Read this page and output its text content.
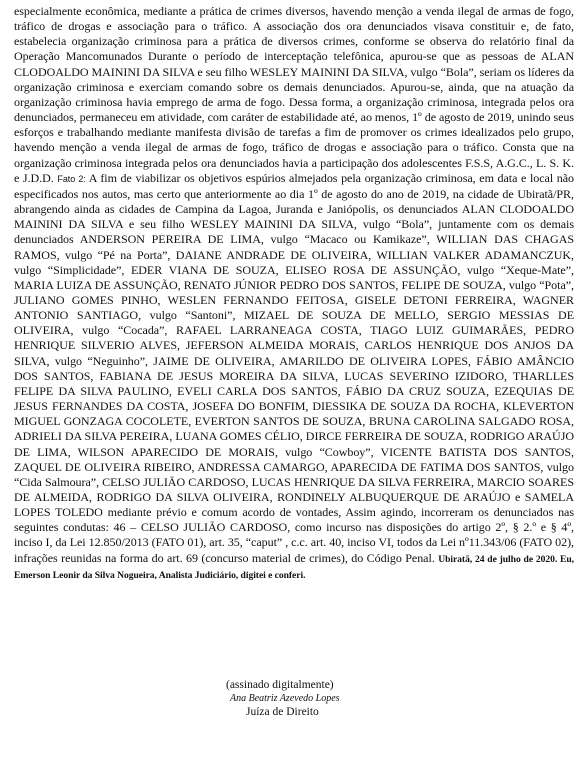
especialmente econômica, mediante a prática de crimes diversos, havendo menção a venda ilegal de armas de fogo, tráfico de drogas e associação para o tráfico. A associação dos ora denunciados visava constituir e, de fato, estabelecia organização criminosa para a prática de diversos crimes, conforme se observa do relatório final da Operação Mancomunados Durante o período de interceptação telefônica, apurou-se que as pessoas de ALAN CLODOALDO MAININI DA SILVA e seu filho WESLEY MAININI DA SILVA, vulgo “Bola”, seriam os líderes da organização criminosa e exerciam comando sobre os demais denunciados. Apurou-se, ainda, que na atuação da organização criminosa havia emprego de arma de fogo. Dessa forma, a organização criminosa, integrada pelos ora denunciados, permaneceu em atividade, com caráter de estabilidade até, ao menos, 1º de agosto de 2019, unindo seus esforços e trabalhando mediante manifesta divisão de tarefas a fim de promover os crimes idealizados pelo grupo, havendo menção a venda ilegal de armas de fogo, tráfico de drogas e associação para o tráfico. Consta que na organização criminosa integrada pelos ora denunciados havia a participação dos adolescentes F.S.S, A.G.C., L. S. K. e J.D.D. Fato 2: A fim de viabilizar os objetivos espúrios almejados pela organização criminosa, em data e local não especificados nos autos, mas certo que anteriormente ao dia 1º de agosto do ano de 2019, na cidade de Ubiratã/PR, abrangendo ainda as cidades de Campina da Lagoa, Juranda e Janiópolis, os denunciados ALAN CLODOALDO MAININI DA SILVA e seu filho WESLEY MAININI DA SILVA, vulgo “Bola”, juntamente com os demais denunciados ANDERSON PEREIRA DE LIMA, vulgo “Macaco ou Kamikaze”, WILLIAN DAS CHAGAS RAMOS, vulgo “Pé na Porta”, DAIANE ANDRADE DE OLIVEIRA, WILLIAN VALKER ADAMANCZUK, vulgo “Simplicidade”, EDER VIANA DE SOUZA, ELISEO ROSA DE ASSUNÇÃO, vulgo “Xeque-Mate”, MARIA LUIZA DE ASSUNÇÃO, RENATO JÚNIOR PEDRO DOS SANTOS, FELIPE DE SOUZA, vulgo “Pota”, JULIANO GOMES PINHO, WESLEN FERNANDO FEITOSA, GISELE DETONI FERREIRA, WAGNER ANTONIO SANTIAGO, vulgo “Santoni”, MIZAEL DE SOUZA DE MELLO, SERGIO MESSIAS DE OLIVEIRA, vulgo “Cocada”, RAFAEL LARRANEAGA COSTA, TIAGO LUIZ GUIMARÃES, PEDRO HENRIQUE SILVERIO ALVES, JEFERSON ALMEIDA MORAIS, CARLOS HENRIQUE DOS ANJOS DA SILVA, vulgo “Neguinho”, JAIME DE OLIVEIRA, AMARILDO DE OLIVEIRA LOPES, FÁBIO AMÂNCIO DOS SANTOS, FABIANA DE JESUS MOREIRA DA SILVA, LUCAS SEVERINO IZIDORO, THARLLES FELIPE DA SILVA PAULINO, EVELI CARLA DOS SANTOS, FÁBIO DA CRUZ SOUZA, EZEQUIAS DE JESUS FERNANDES DA COSTA, JOSEFA DO BONFIM, DIESSIKA DE SOUZA DA ROCHA, KLEVERTON MIGUEL GONZAGA COCOLETE, EVERTON SANTOS DE SOUZA, BRUNA CAROLINA SALGADO ROSA, ADRIELI DA SILVA PEREIRA, LUANA GOMES CÉLIO, DIRCE FERREIRA DE SOUZA, RODRIGO ARAÚJO DE LIMA, WILSON APARECIDO DE MORAIS, vulgo “Cowboy”, VICENTE BATISTA DOS SANTOS, ZAQUEL DE OLIVEIRA RIBEIRO, ANDRESSA CAMARGO, APARECIDA DE FATIMA DOS SANTOS, vulgo “Cida Salmoura”, CELSO JULIÃO CARDOSO, LUCAS HENRIQUE DA SILVA FERREIRA, MARCIO SOARES DE ALMEIDA, RODRIGO DA SILVA OLIVEIRA, RONDINELY ALBUQUERQUE DE ARAÚJO e SAMELA LOPES TOLEDO mediante prévio e comum acordo de vontades, Assim agindo, incorreram os denunciados nas seguintes condutas: 46 – CELSO JULIÃO CARDOSO, como incurso nas disposições do artigo 2º, § 2.º e § 4º, inciso I, da Lei 12.850/2013 (FATO 01), art. 35, “caput” , c.c. art. 40, inciso VI, todos da Lei nº11.343/06 (FATO 02), infrações reunidas na forma do art. 69 (concurso material de crimes), do Código Penal. Ubiratã, 24 de julho de 2020. Eu, Emerson Leonir da Silva Nogueira, Analista Judiciário, digitei e conferi.

(assinado digitalmente)
Ana Beatriz Azevedo Lopes
Juíza de Direito
